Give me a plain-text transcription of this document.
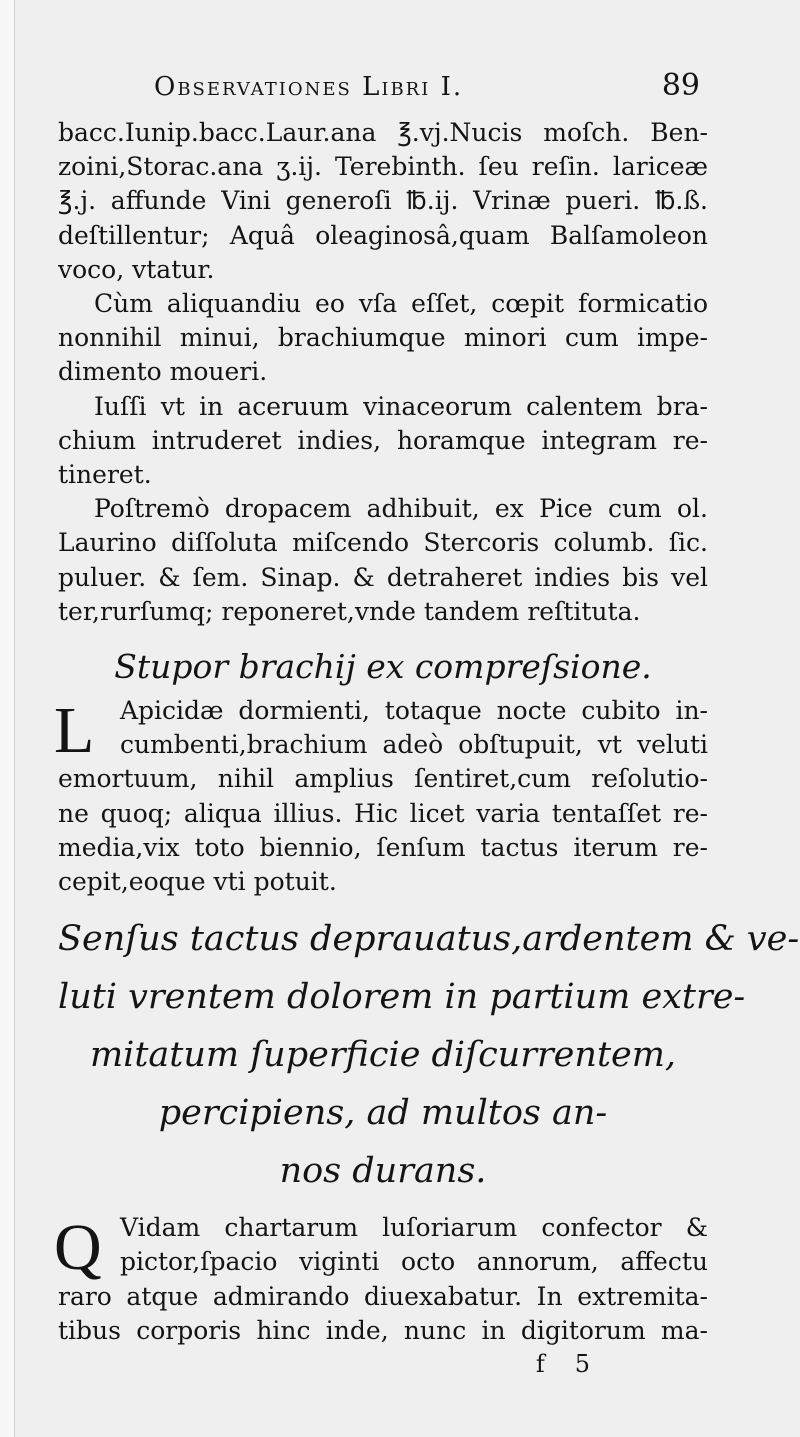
Observationes Libri I.	89
bacc.Iunip.bacc.Laur.ana ℥.vj.Nucis moſch. Ben-
zoini,Storac.ana ʒ.ij. Terebinth. ſeu reſin. lariceæ
℥.j. affunde Vini generoſi ℔.ij. Vrinæ pueri. ℔.ß.
deſtillentur; Aquâ oleaginosâ,quam Balſamoleon
voco, vtatur.
Cùm aliquandiu eo vſa eſſet, cœpit formicatio
nonnihil minui, brachiumque minori cum impe-
dimento moueri.
Iuſſi vt in aceruum vinaceorum calentem bra-
chium intruderet indies, horamque integram re-
tineret.
Poſtremò dropacem adhibuit, ex Pice cum ol.
Laurino diſſoluta miſcendo Stercoris columb. ſic.
puluer. & ſem. Sinap. & detraheret indies bis vel
ter,rurſumq; reponeret,vnde tandem reſtituta.
Stupor brachij ex compreſsione.
L	Apicidæ dormienti, totaque nocte cubito in-
cumbenti,brachium adeò obſtupuit, vt veluti
emortuum, nihil amplius ſentiret,cum reſolutio-
ne quoq; aliqua illius. Hic licet varia tentaſſet re-
media,vix toto biennio, ſenſum tactus iterum re-
cepit,eoque vti potuit.
Senſus tactus deprauatus,ardentem & ve-
luti vrentem dolorem in partium extre-
mitatum ſuperficie diſcurrentem,
percipiens, ad multos an-
nos durans.
Q Vidam chartarum luſoriarum confector &
pictor,ſpacio viginti octo annorum, affectu
raro atque admirando diuexabatur. In extremita-
tibus corporis hinc inde, nunc in digitorum ma-
f 5
